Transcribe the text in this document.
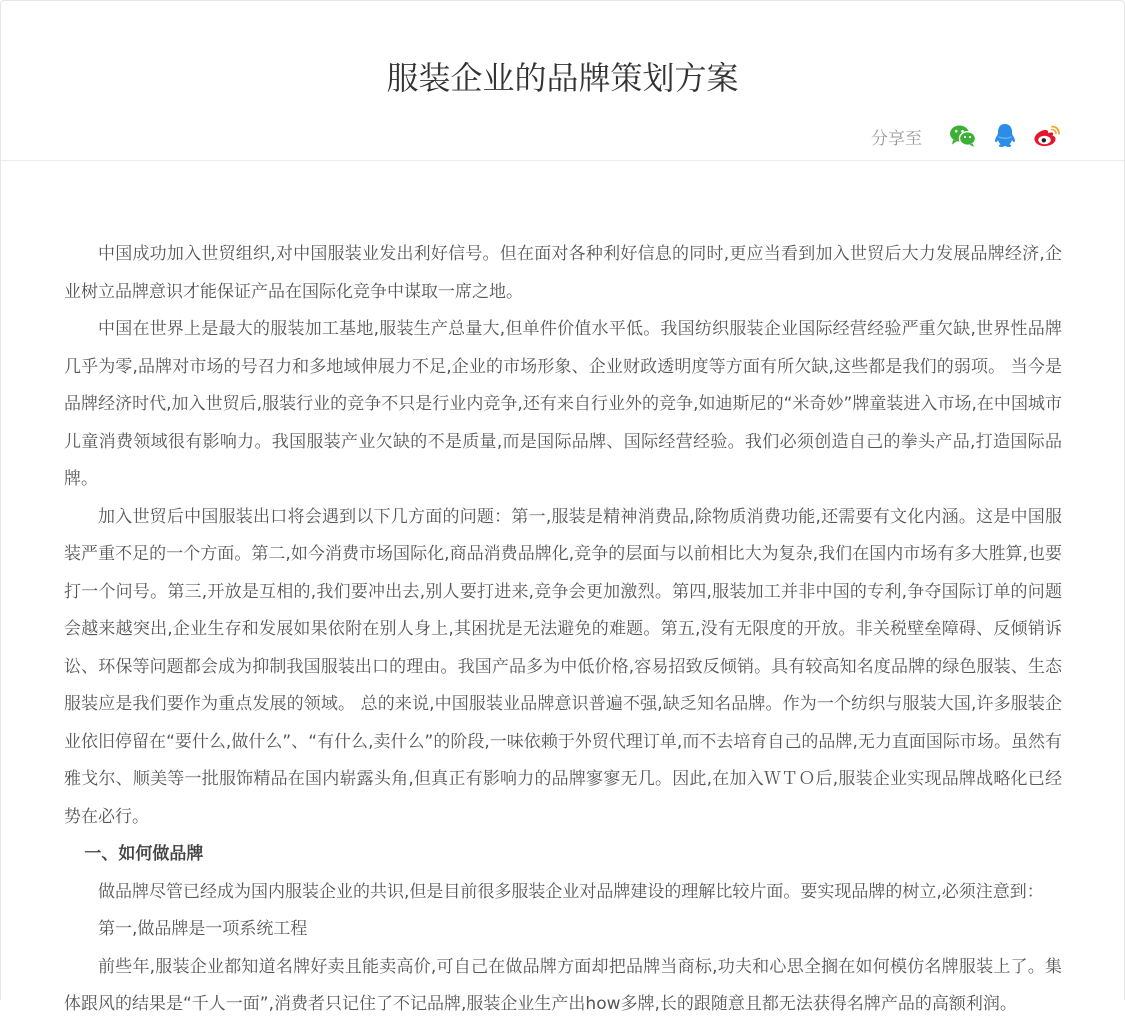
服装企业的品牌策划方案
分享至

中国成功加入世贸组织,对中国服装业发出利好信号。但在面对各种利好信息的同时,更应当看到加入世贸后大力发展品牌经济,企业树立品牌意识才能保证产品在国际化竞争中谋取一席之地。

中国在世界上是最大的服装加工基地,服装生产总量大,但单件价值水平低。我国纺织服装企业国际经营经验严重欠缺,世界性品牌几乎为零,品牌对市场的号召力和多地域伸展力不足,企业的市场形象、企业财政透明度等方面有所欠缺,这些都是我们的弱项。 当今是品牌经济时代,加入世贸后,服装行业的竞争不只是行业内竞争,还有来自行业外的竞争,如迪斯尼的“米奇妙”牌童装进入市场,在中国城市儿童消费领域很有影响力。我国服装产业欠缺的不是质量,而是国际品牌、国际经营经验。我们必须创造自己的拳头产品,打造国际品牌。

加入世贸后中国服装出口将会遇到以下几方面的问题：第一,服装是精神消费品,除物质消费功能,还需要有文化内涵。这是中国服装严重不足的一个方面。第二,如今消费市场国际化,商品消费品牌化,竞争的层面与以前相比大为复杂,我们在国内市场有多大胜算,也要打一个问号。第三,开放是互相的,我们要冲出去,别人要打进来,竞争会更加激烈。第四,服装加工并非中国的专利,争夺国际订单的问题会越来越突出,企业生存和发展如果依附在别人身上,其困扰是无法避免的难题。第五,没有无限度的开放。非关税壁垒障碍、反倾销诉讼、环保等问题都会成为抑制我国服装出口的理由。我国产品多为中低价格,容易招致反倾销。具有较高知名度品牌的绿色服装、生态服装应是我们要作为重点发展的领域。 总的来说,中国服装业品牌意识普遍不强,缺乏知名品牌。作为一个纺织与服装大国,许多服装企业依旧停留在“要什么,做什么”、“有什么,卖什么”的阶段,一味依赖于外贸代理订单,而不去培育自己的品牌,无力直面国际市场。虽然有雅戈尔、顺美等一批服饰精品在国内崭露头角,但真正有影响力的品牌寥寥无几。因此,在加入ＷＴＯ后,服装企业实现品牌战略化已经势在必行。

一、如何做品牌

做品牌尽管已经成为国内服装企业的共识,但是目前很多服装企业对品牌建设的理解比较片面。要实现品牌的树立,必须注意到：

第一,做品牌是一项系统工程

前些年,服装企业都知道名牌好卖且能卖高价,可自己在做品牌方面却把品牌当商标,功夫和心思全搁在如何模仿名牌服装上了。集体跟风的结果是“千人一面”,消费者只记住了不记品牌,服装企业生产出how多牌,长的跟随意且都无法获得名牌产品的高额利润。
